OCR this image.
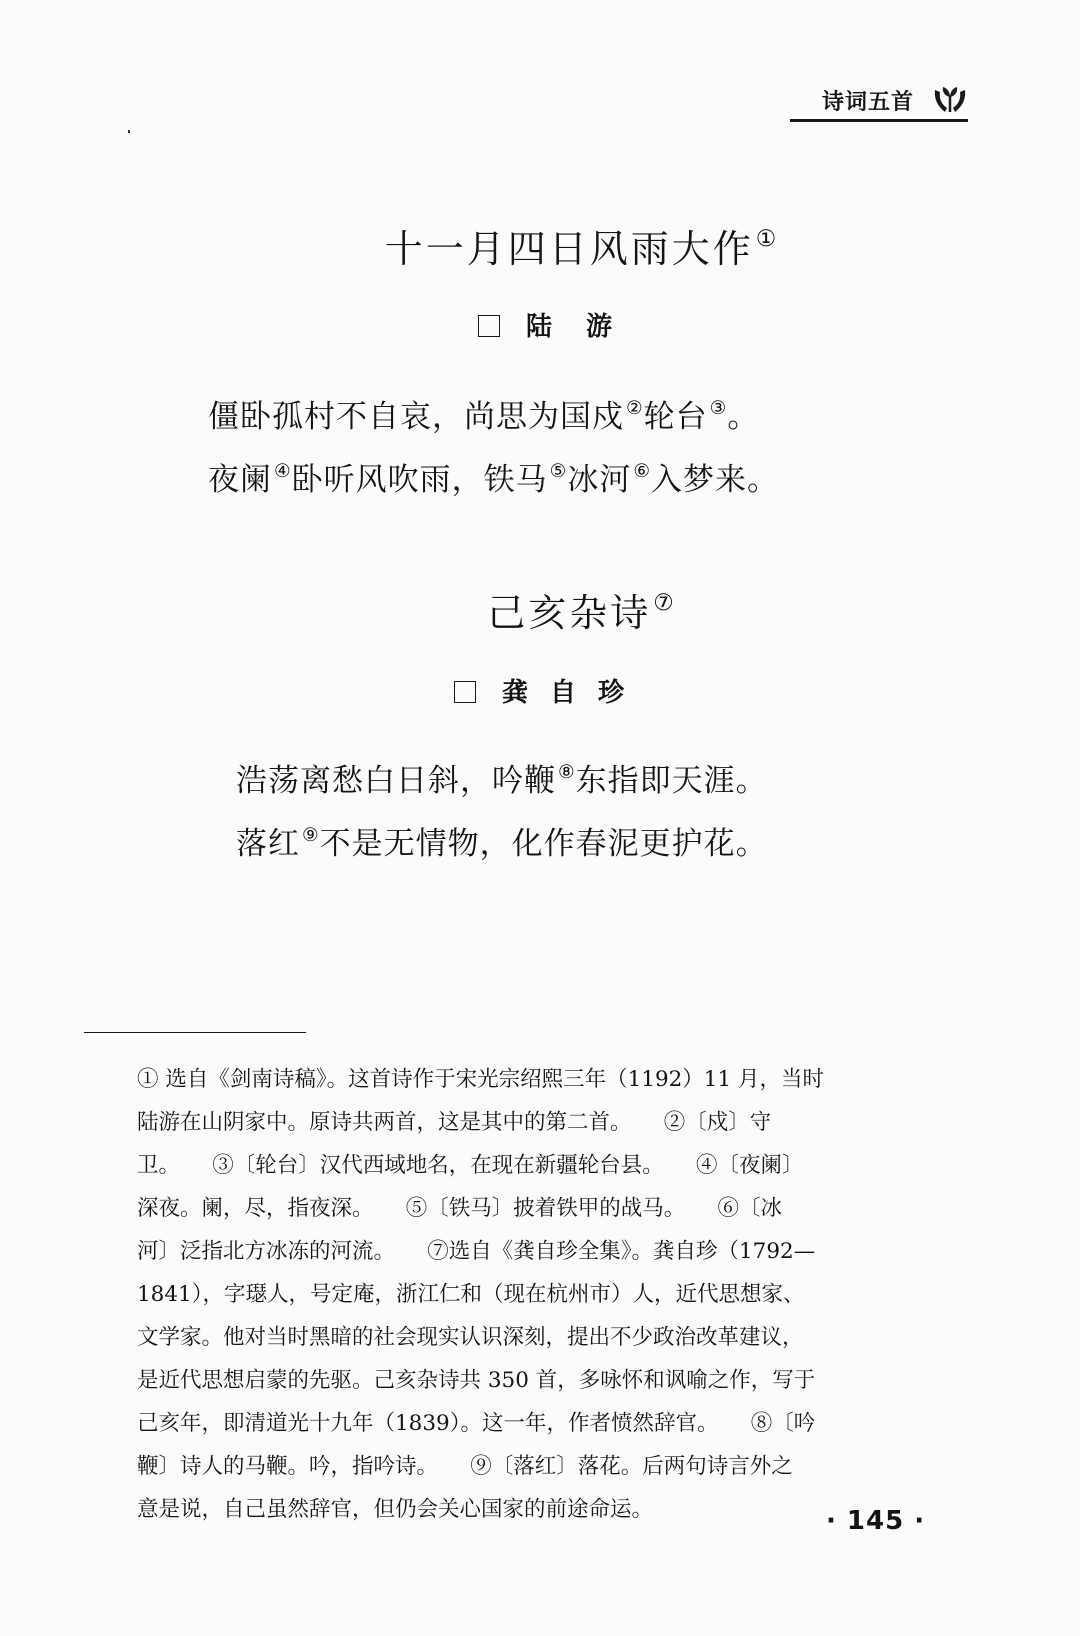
诗词五首
十一月四日风雨大作①
陆游
僵卧孤村不自哀，尚思为国戍 ②轮台 ③。
夜阑 ④卧听风吹雨，铁马 ⑤冰河 ⑥入梦来。
己亥杂诗⑦
龚自珍
浩荡离愁白日斜，吟鞭 ⑧东指即天涯。
落红 ⑨不是无情物，化作春泥更护花。
① 选自《剑南诗稿》。这首诗作于宋光宗绍熙三年（1192）11 月，当时
陆游在山阴家中。原诗共两首，这是其中的第二首。　　②〔戍〕守
卫。　　③〔轮台〕汉代西域地名，在现在新疆轮台县。　　④〔夜阑〕
深夜。阑，尽，指夜深。　　⑤〔铁马〕披着铁甲的战马。　　⑥〔冰
河〕泛指北方冰冻的河流。　　⑦选自《龚自珍全集》。龚自珍（1792—
1841），字璱人，号定庵，浙江仁和（现在杭州市）人，近代思想家、
文学家。他对当时黑暗的社会现实认识深刻，提出不少政治改革建议，
是近代思想启蒙的先驱。己亥杂诗共 350 首，多咏怀和讽喻之作，写于
己亥年，即清道光十九年（1839）。这一年，作者愤然辞官。　　⑧〔吟
鞭〕诗人的马鞭。吟，指吟诗。　　⑨〔落红〕落花。后两句诗言外之
意是说，自己虽然辞官，但仍会关心国家的前途命运。	· 145 ·
